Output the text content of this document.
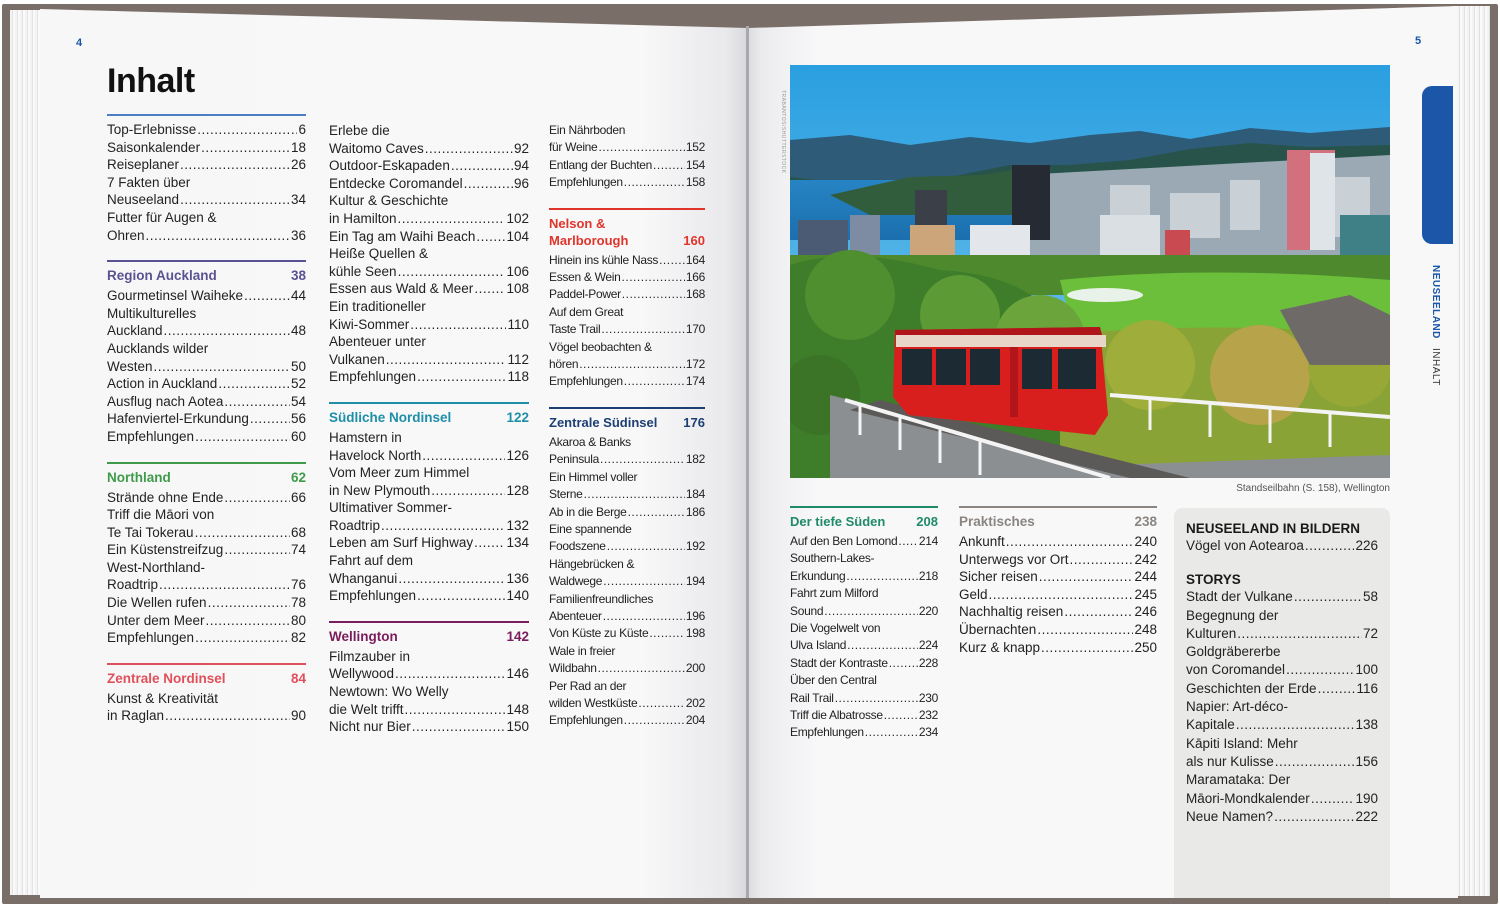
4
Inhalt
Top-Erlebnisse .....	6
Saisonkalender .....	18
Reiseplaner .....	26
7 Fakten über
Neuseeland .....	34
Futter für Augen &
Ohren .....	36
Region Auckland	38
Gourmetinsel Waiheke .....	44
Multikulturelles
Auckland .....	48
Aucklands wilder
Westen .....	50
Action in Auckland .....	52
Ausflug nach Aotea .....	54
Hafenviertel-Erkundung .....	56
Empfehlungen .....	60
Northland	62
Strände ohne Ende .....	66
Triff die Māori von
Te Tai Tokerau .....	68
Ein Küstenstreifzug .....	74
West-Northland-
Roadtrip .....	76
Die Wellen rufen .....	78
Unter dem Meer .....	80
Empfehlungen .....	82
Zentrale Nordinsel	84
Kunst & Kreativität
in Raglan .....	90
Erlebe die
Waitomo Caves .....	92
Outdoor-Eskapaden .....	94
Entdecke Coromandel .....	96
Kultur & Geschichte
in Hamilton .....	102
Ein Tag am Waihi Beach ..... 104
Heiße Quellen &
kühle Seen .....	106
Essen aus Wald & Meer ..... 108
Ein traditioneller
Kiwi-Sommer .....	110
Abenteuer unter
Vulkanen .....	112
Empfehlungen .....	118
Südliche Nordinsel	122
Hamstern in
Havelock North .....	126
Vom Meer zum Himmel
in New Plymouth .....	128
Ultimativer Sommer-
Roadtrip .....	132
Leben am Surf Highway ..... 134
Fahrt auf dem
Whanganui .....	136
Empfehlungen .....	140
Wellington	142
Filmzauber in
Wellywood .....	146
Newtown: Wo Welly
die Welt trifft .....	148
Nicht nur Bier .....	150
Ein Nährboden
für Weine .....	152
Entlang der Buchten .....	154
Empfehlungen .....	158
Nelson &
Marlborough	160
Hinein ins kühle Nass ..... 164
Essen & Wein .....	166
Paddel-Power .....	168
Auf dem Great
Taste Trail .....	170
Vögel beobachten &
hören .....	172
Empfehlungen .....	174
Zentrale Südinsel 176
Akaroa & Banks
Peninsula .....	182
Ein Himmel voller
Sterne .....	184
Ab in die Berge .....	186
Eine spannende
Foodszene .....	192
Hängebrücken &
Waldwege .....	194
Familienfreundliches
Abenteuer .....	196
Von Küste zu Küste .....	198
Wale in freier
Wildbahn .....	200
Per Rad an der
wilden Westküste .....	202
Empfehlungen .....	204
5
TRABANTOS/SHUTTERSTOCK
Standseilbahn (S. 158), Wellington
NEUSEELAND INHALT
Der tiefe Süden 208
Auf den Ben Lomond ..... 214
Southern-Lakes-
Erkundung .....	218
Fahrt zum Milford
Sound .....	220
Die Vogelwelt von
Ulva Island .....	224
Stadt der Kontraste .....	228
Über den Central
Rail Trail .....	230
Triff die Albatrosse .....	232
Empfehlungen .....	234
Praktisches	238
Ankunft .....	240
Unterwegs vor Ort .....	242
Sicher reisen .....	244
Geld .....	245
Nachhaltig reisen .....	246
Übernachten .....	248
Kurz & knapp .....	250
NEUSEELAND IN BILDERN
Vögel von Aotearoa .....	226
STORYS
Stadt der Vulkane .....	58
Begegnung der
Kulturen .....	72
Goldgräbererbe
von Coromandel .....	100
Geschichten der Erde .....	116
Napier: Art-déco-
Kapitale .....	138
Kāpiti Island: Mehr
als nur Kulisse .....	156
Maramataka: Der
Māori-Mondkalender .....	190
Neue Namen? .....	222
